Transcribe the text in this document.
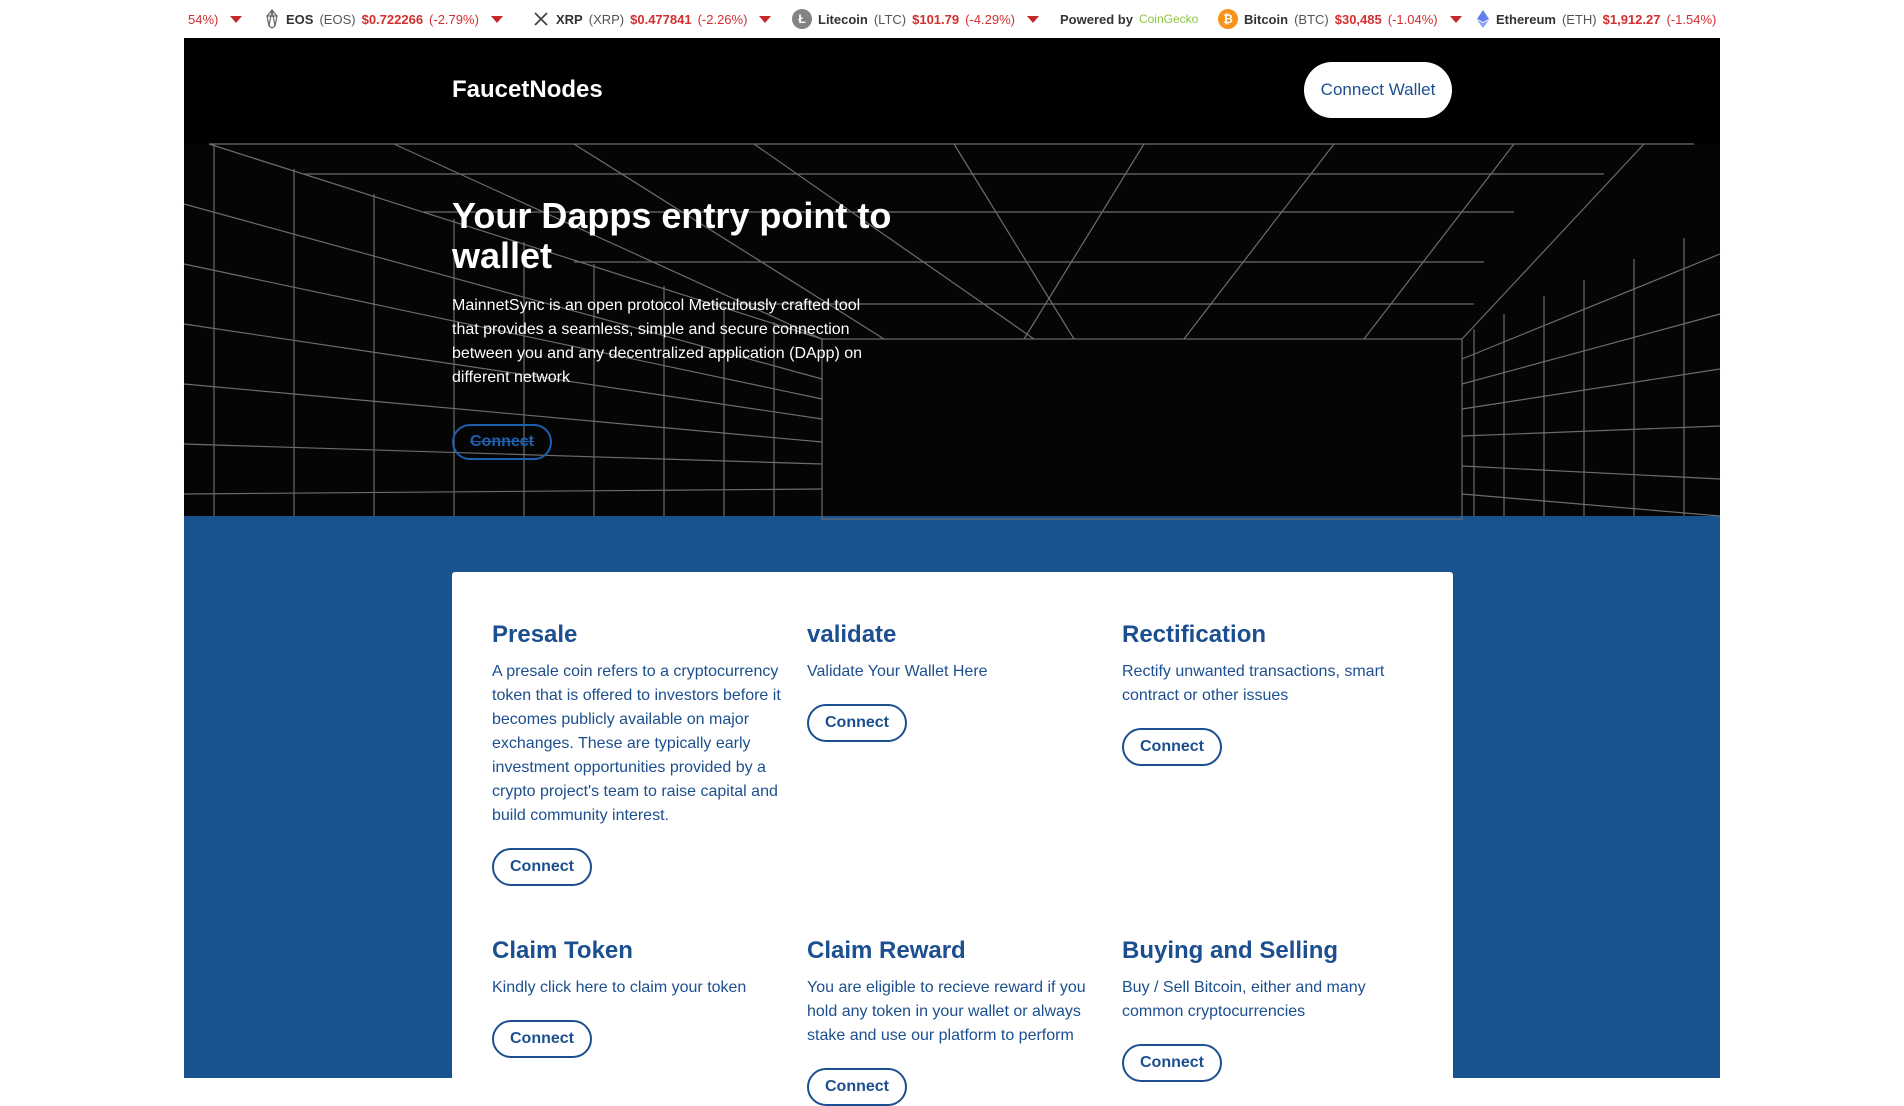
54%)	EOS (EOS) $0.722266 (-2.79%)	XRP (XRP) $0.477841 (-2.26%)	Ł Litecoin (LTC) $101.79 (-4.29%)	Powered by CoinGecko	₿ Bitcoin (BTC) $30,485 (-1.04%)	Ethereum (ETH) $1,912.27 (-1.54%)
FaucetNodes	Connect Wallet
Your Dapps entry point to wallet

MainnetSync is an open protocol Meticulously crafted tool that provides a seamless, simple and secure connection between you and any decentralized application (DApp) on different network

Connect
Presale

A presale coin refers to a cryptocurrency token that is offered to investors before it becomes publicly available on major exchanges. These are typically early investment opportunities provided by a crypto project's team to raise capital and build community interest.

Connect
validate

Validate Your Wallet Here

Connect
Rectification

Rectify unwanted transactions, smart contract or other issues

Connect
Claim Token

Kindly click here to claim your token

Connect
Claim Reward

You are eligible to recieve reward if you hold any token in your wallet or always stake and use our platform to perform

Connect
Buying and Selling

Buy / Sell Bitcoin, either and many common cryptocurrencies

Connect
